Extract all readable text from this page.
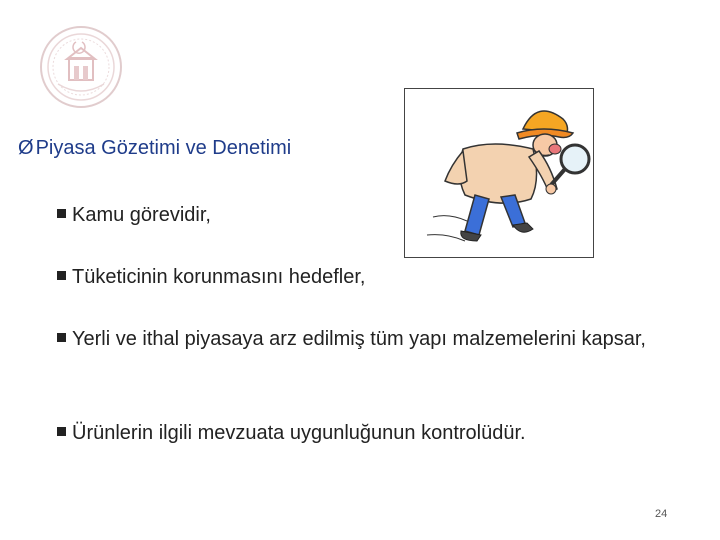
Ø Piyasa Gözetimi ve Denetimi
Kamu görevidir,
Tüketicinin korunmasını hedefler,
Yerli ve ithal piyasaya arz edilmiş tüm yapı malzemelerini kapsar,
Ürünlerin ilgili mevzuata uygunluğunun kontrolüdür.
24
